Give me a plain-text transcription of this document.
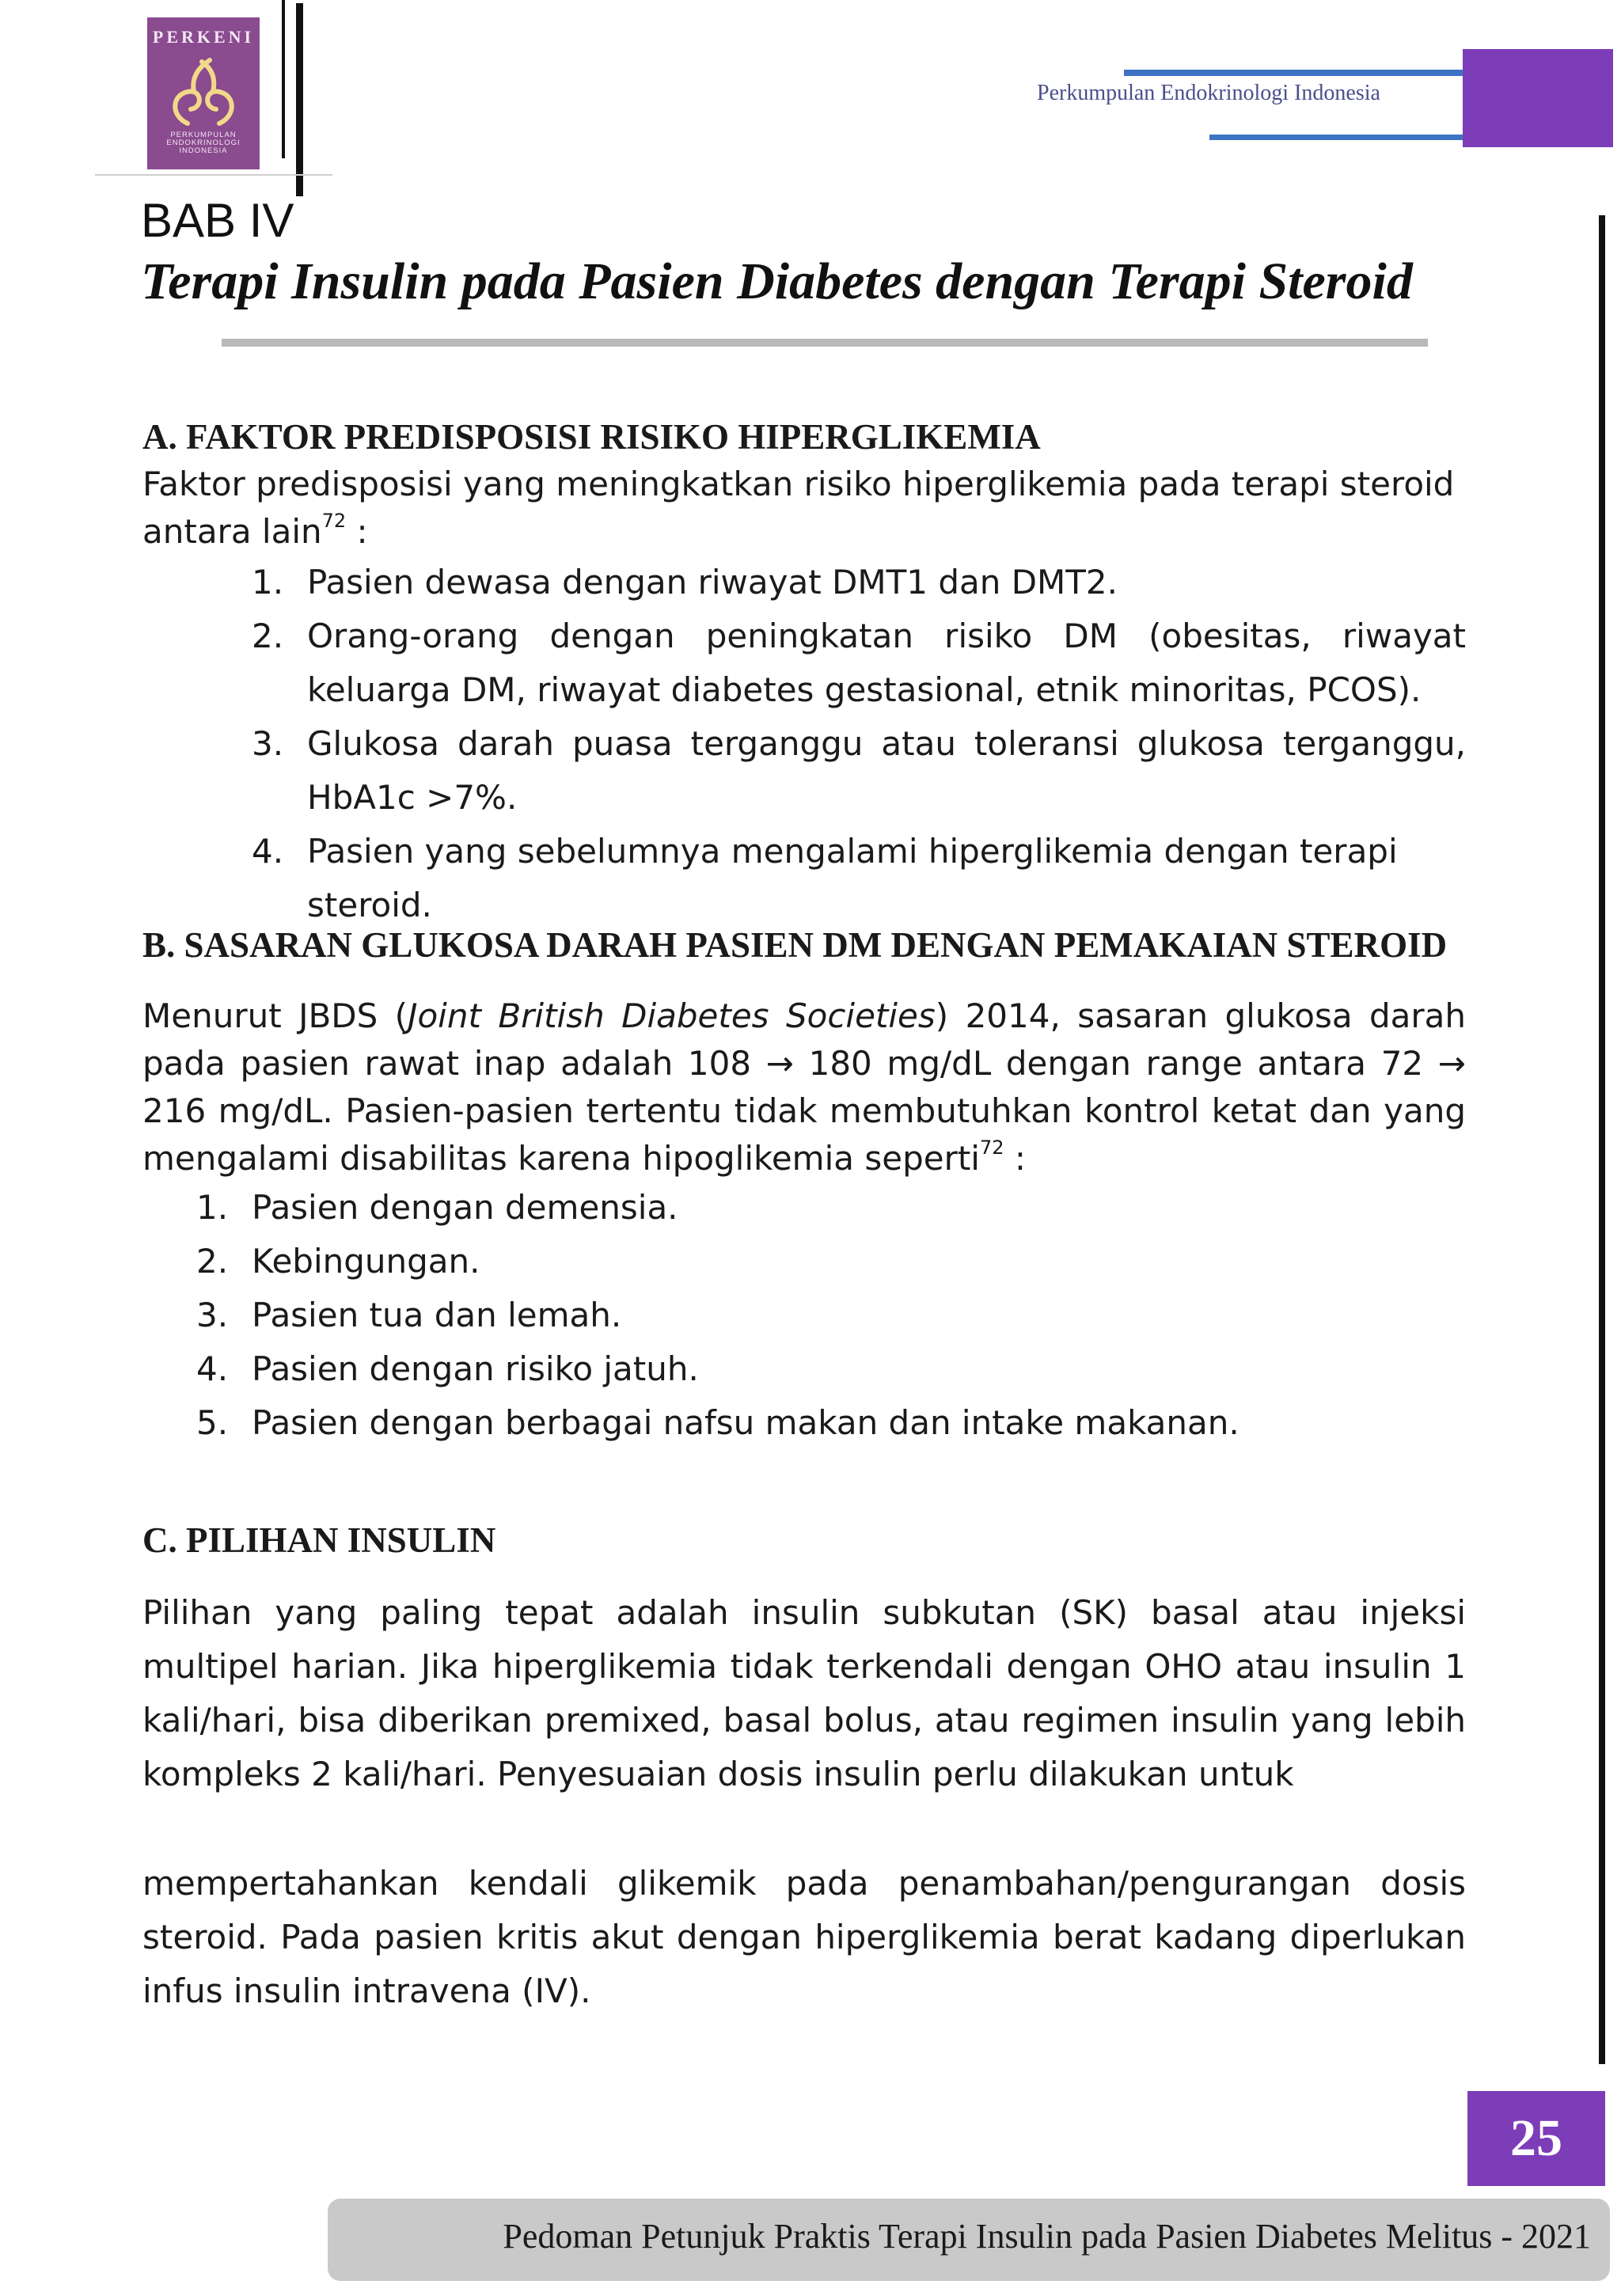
PERKENI
PERKUMPULAN
ENDOKRINOLOGI
INDONESIA
Perkumpulan Endokrinologi Indonesia
BAB IV
Terapi Insulin pada Pasien Diabetes dengan Terapi Steroid
A. FAKTOR PREDISPOSISI RISIKO HIPERGLIKEMIA
Faktor predisposisi yang meningkatkan risiko hiperglikemia pada terapi steroid antara lain$^{72}$ :
1. Pasien dewasa dengan riwayat DMT1 dan DMT2.
2. Orang-orang dengan peningkatan risiko DM (obesitas, riwayat keluarga DM, riwayat diabetes gestasional, etnik minoritas, PCOS).
3. Glukosa darah puasa terganggu atau toleransi glukosa terganggu, HbA1c >7%.
4. Pasien yang sebelumnya mengalami hiperglikemia dengan terapi steroid.
B. SASARAN GLUKOSA DARAH PASIEN DM DENGAN PEMAKAIAN STEROID
Menurut JBDS (Joint British Diabetes Societies) 2014, sasaran glukosa darah pada pasien rawat inap adalah 108 → 180 mg/dL dengan range antara 72 → 216 mg/dL. Pasien-pasien tertentu tidak membutuhkan kontrol ketat dan yang mengalami disabilitas karena hipoglikemia seperti$^{72}$ :
1. Pasien dengan demensia.
2. Kebingungan.
3. Pasien tua dan lemah.
4. Pasien dengan risiko jatuh.
5. Pasien dengan berbagai nafsu makan dan intake makanan.
C. PILIHAN INSULIN
Pilihan yang paling tepat adalah insulin subkutan (SK) basal atau injeksi multipel harian. Jika hiperglikemia tidak terkendali dengan OHO atau insulin 1 kali/hari, bisa diberikan premixed, basal bolus, atau regimen insulin yang lebih kompleks 2 kali/hari. Penyesuaian dosis insulin perlu dilakukan untuk
mempertahankan kendali glikemik pada penambahan/pengurangan dosis steroid. Pada pasien kritis akut dengan hiperglikemia berat kadang diperlukan infus insulin intravena (IV).
25
Pedoman Petunjuk Praktis Terapi Insulin pada Pasien Diabetes Melitus - 2021
